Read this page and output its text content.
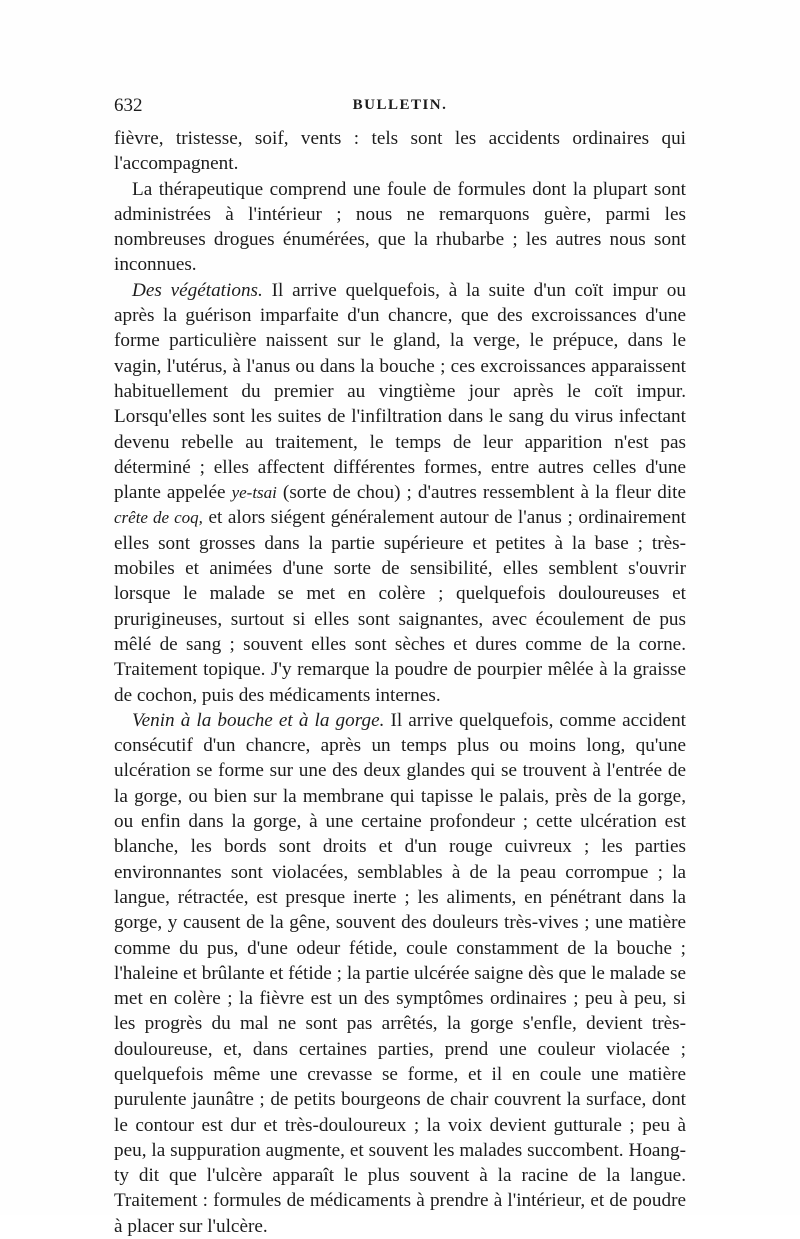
632	BULLETIN.

fièvre, tristesse, soif, vents : tels sont les accidents ordinaires qui l'accompagnent.

La thérapeutique comprend une foule de formules dont la plupart sont administrées à l'intérieur ; nous ne remarquons guère, parmi les nombreuses drogues énumérées, que la rhubarbe ; les autres nous sont inconnues.

Des végétations. Il arrive quelquefois, à la suite d'un coït impur ou après la guérison imparfaite d'un chancre, que des excroissances d'une forme particulière naissent sur le gland, la verge, le prépuce, dans le vagin, l'utérus, à l'anus ou dans la bouche ; ces excroissances apparaissent habituellement du premier au vingtième jour après le coït impur. Lorsqu'elles sont les suites de l'infiltration dans le sang du virus infectant devenu rebelle au traitement, le temps de leur apparition n'est pas déterminé ; elles affectent différentes formes, entre autres celles d'une plante appelée ye-tsai (sorte de chou) ; d'autres ressemblent à la fleur dite crête de coq, et alors siégent généralement autour de l'anus ; ordinairement elles sont grosses dans la partie supérieure et petites à la base ; très-mobiles et animées d'une sorte de sensibilité, elles semblent s'ouvrir lorsque le malade se met en colère ; quelquefois douloureuses et prurigineuses, surtout si elles sont saignantes, avec écoulement de pus mêlé de sang ; souvent elles sont sèches et dures comme de la corne. Traitement topique. J'y remarque la poudre de pourpier mêlée à la graisse de cochon, puis des médicaments internes.

Venin à la bouche et à la gorge. Il arrive quelquefois, comme accident consécutif d'un chancre, après un temps plus ou moins long, qu'une ulcération se forme sur une des deux glandes qui se trouvent à l'entrée de la gorge, ou bien sur la membrane qui tapisse le palais, près de la gorge, ou enfin dans la gorge, à une certaine profondeur ; cette ulcération est blanche, les bords sont droits et d'un rouge cuivreux ; les parties environnantes sont violacées, semblables à de la peau corrompue ; la langue, rétractée, est presque inerte ; les aliments, en pénétrant dans la gorge, y causent de la gêne, souvent des douleurs très-vives ; une matière comme du pus, d'une odeur fétide, coule constamment de la bouche ; l'haleine et brûlante et fétide ; la partie ulcérée saigne dès que le malade se met en colère ; la fièvre est un des symptômes ordinaires ; peu à peu, si les progrès du mal ne sont pas arrêtés, la gorge s'enfle, devient très-douloureuse, et, dans certaines parties, prend une couleur violacée ; quelquefois même une crevasse se forme, et il en coule une matière purulente jaunâtre ; de petits bourgeons de chair couvrent la surface, dont le contour est dur et très-douloureux ; la voix devient gutturale ; peu à peu, la suppuration augmente, et souvent les malades succombent. Hoang-ty dit que l'ulcère apparaît le plus souvent à la racine de la langue. Traitement : formules de médicaments à prendre à l'intérieur, et de poudre à placer sur l'ulcère.
